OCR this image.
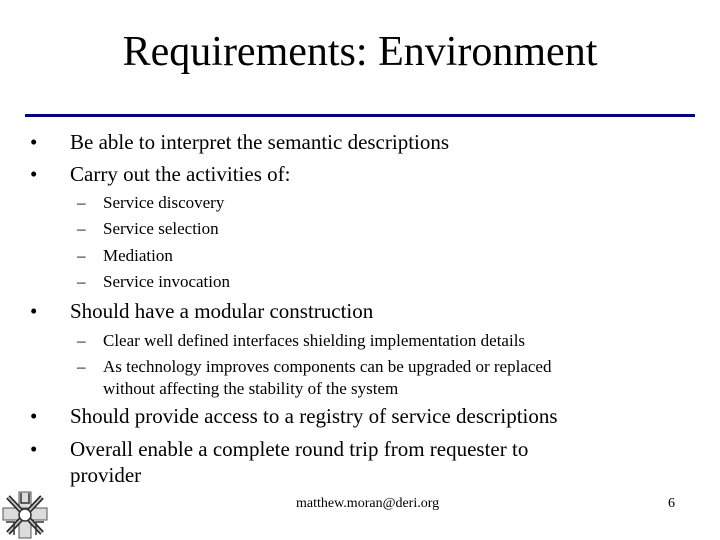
Requirements: Environment
• Be able to interpret the semantic descriptions
• Carry out the activities of:
– Service discovery
– Service selection
– Mediation
– Service invocation
• Should have a modular construction
– Clear well defined interfaces shielding implementation details
– As technology improves components can be upgraded or replaced
without affecting the stability of the system
• Should provide access to a registry of service descriptions
• Overall enable a complete round trip from requester to
provider
matthew.moran@deri.org	6
